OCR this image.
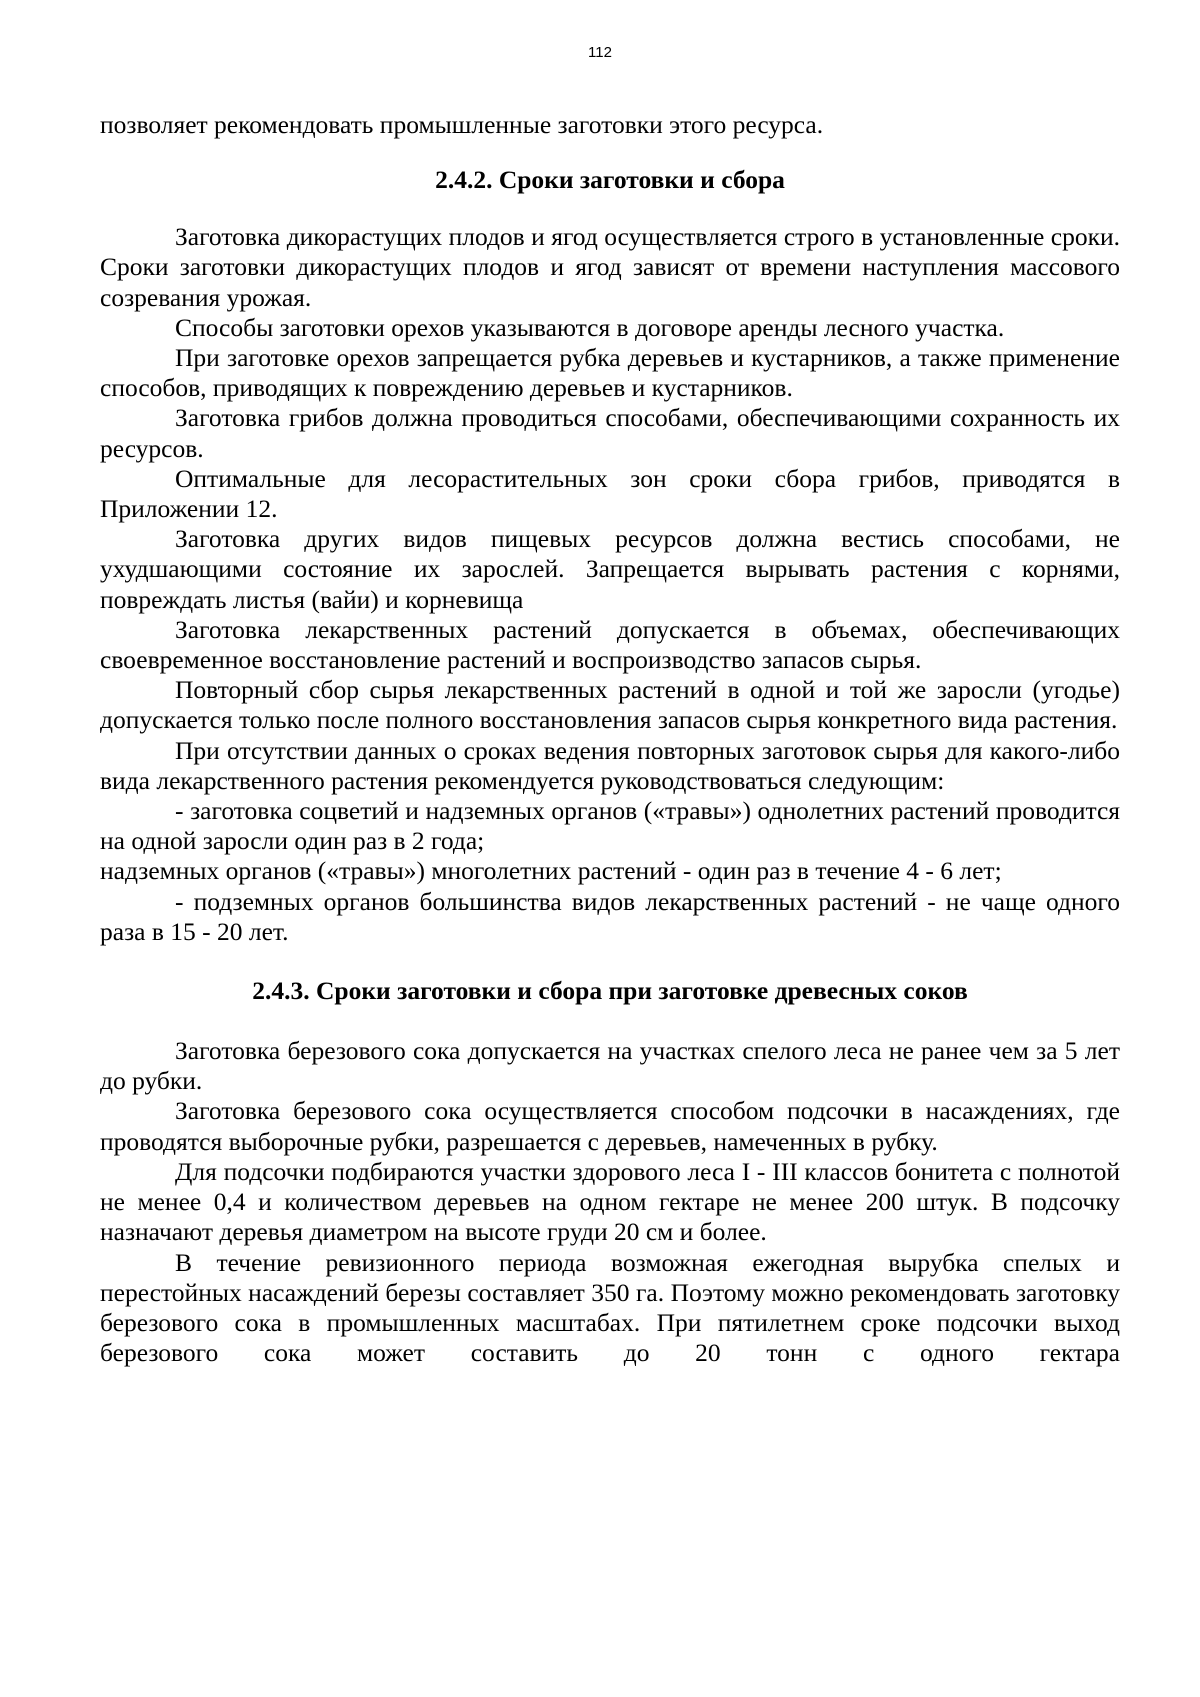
112

позволяет рекомендовать промышленные заготовки этого ресурса.

2.4.2. Сроки заготовки и сбора

Заготовка дикорастущих плодов и ягод осуществляется строго в установленные сроки. Сроки заготовки дикорастущих плодов и ягод зависят от времени наступления массового созревания урожая.

Способы заготовки орехов указываются в договоре аренды лесного участка.

При заготовке орехов запрещается рубка деревьев и кустарников, а также применение способов, приводящих к повреждению деревьев и кустарников.

Заготовка грибов должна проводиться способами, обеспечивающими сохранность их ресурсов.

Оптимальные для лесорастительных зон сроки сбора грибов, приводятся в Приложении 12.

Заготовка других видов пищевых ресурсов должна вестись способами, не ухудшающими состояние их зарослей. Запрещается вырывать растения с корнями, повреждать листья (вайи) и корневища

Заготовка лекарственных растений допускается в объемах, обеспечивающих своевременное восстановление растений и воспроизводство запасов сырья.

Повторный сбор сырья лекарственных растений в одной и той же заросли (угодье) допускается только после полного восстановления запасов сырья конкретного вида растения.

При отсутствии данных о сроках ведения повторных заготовок сырья для какого-либо вида лекарственного растения рекомендуется руководствоваться следующим:

- заготовка соцветий и надземных органов («травы») однолетних растений проводится на одной заросли один раз в 2 года;

надземных органов («травы») многолетних растений - один раз в течение 4 - 6 лет;

- подземных органов большинства видов лекарственных растений - не чаще одного раза в 15 - 20 лет.

2.4.3. Сроки заготовки и сбора при заготовке древесных соков

Заготовка березового сока допускается на участках спелого леса не ранее чем за 5 лет до рубки.

Заготовка березового сока осуществляется способом подсочки в насаждениях, где проводятся выборочные рубки, разрешается с деревьев, намеченных в рубку.

Для подсочки подбираются участки здорового леса I - III классов бонитета с полнотой не менее 0,4 и количеством деревьев на одном гектаре не менее 200 штук. В подсочку назначают деревья диаметром на высоте груди 20 см и более.

В течение ревизионного периода возможная ежегодная вырубка спелых и перестойных насаждений березы составляет 350 га. Поэтому можно рекомендовать заготовку березового сока в промышленных масштабах. При пятилетнем сроке подсочки выход березового сока может составить до 20 тонн с одного гектара
